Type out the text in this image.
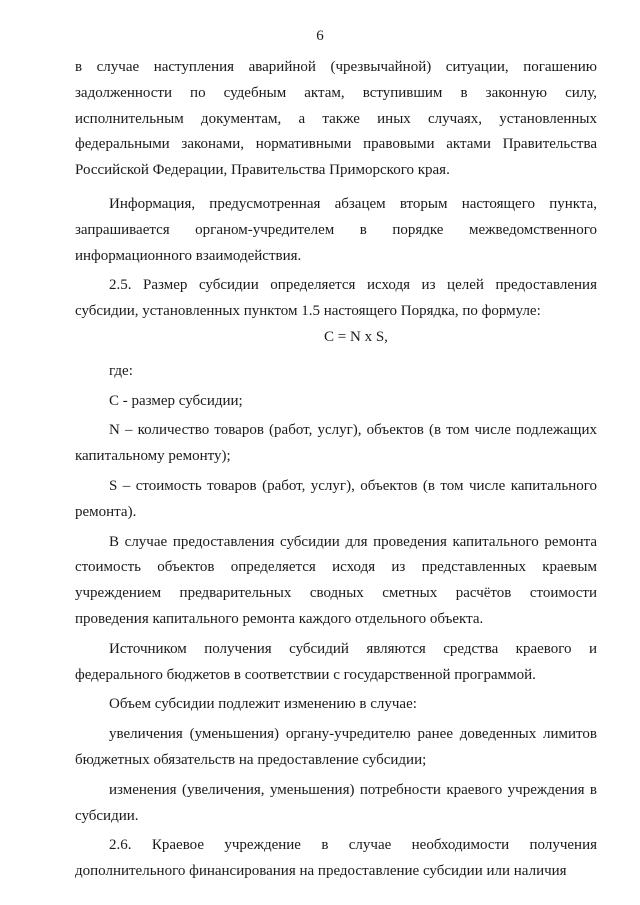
6

в случае наступления аварийной (чрезвычайной) ситуации, погашению задолженности по судебным актам, вступившим в законную силу, исполнительным документам, а также иных случаях, установленных федеральными законами, нормативными правовыми актами Правительства Российской Федерации, Правительства Приморского края.

Информация, предусмотренная абзацем вторым настоящего пункта, запрашивается органом-учредителем в порядке межведомственного информационного взаимодействия.

2.5. Размер субсидии определяется исходя из целей предоставления субсидии, установленных пунктом 1.5 настоящего Порядка, по формуле:

C = N x S,

где:

C - размер субсидии;

N – количество товаров (работ, услуг), объектов (в том числе подлежащих капитальному ремонту);

S – стоимость товаров (работ, услуг), объектов (в том числе капитального ремонта).

В случае предоставления субсидии для проведения капитального ремонта стоимость объектов определяется исходя из представленных краевым учреждением предварительных сводных сметных расчётов стоимости проведения капитального ремонта каждого отдельного объекта.

Источником получения субсидий являются средства краевого и федерального бюджетов в соответствии с государственной программой.

Объем субсидии подлежит изменению в случае:

увеличения (уменьшения) органу-учредителю ранее доведенных лимитов бюджетных обязательств на предоставление субсидии;

изменения (увеличения, уменьшения) потребности краевого учреждения в субсидии.

2.6. Краевое учреждение в случае необходимости получения дополнительного финансирования на предоставление субсидии или наличия
